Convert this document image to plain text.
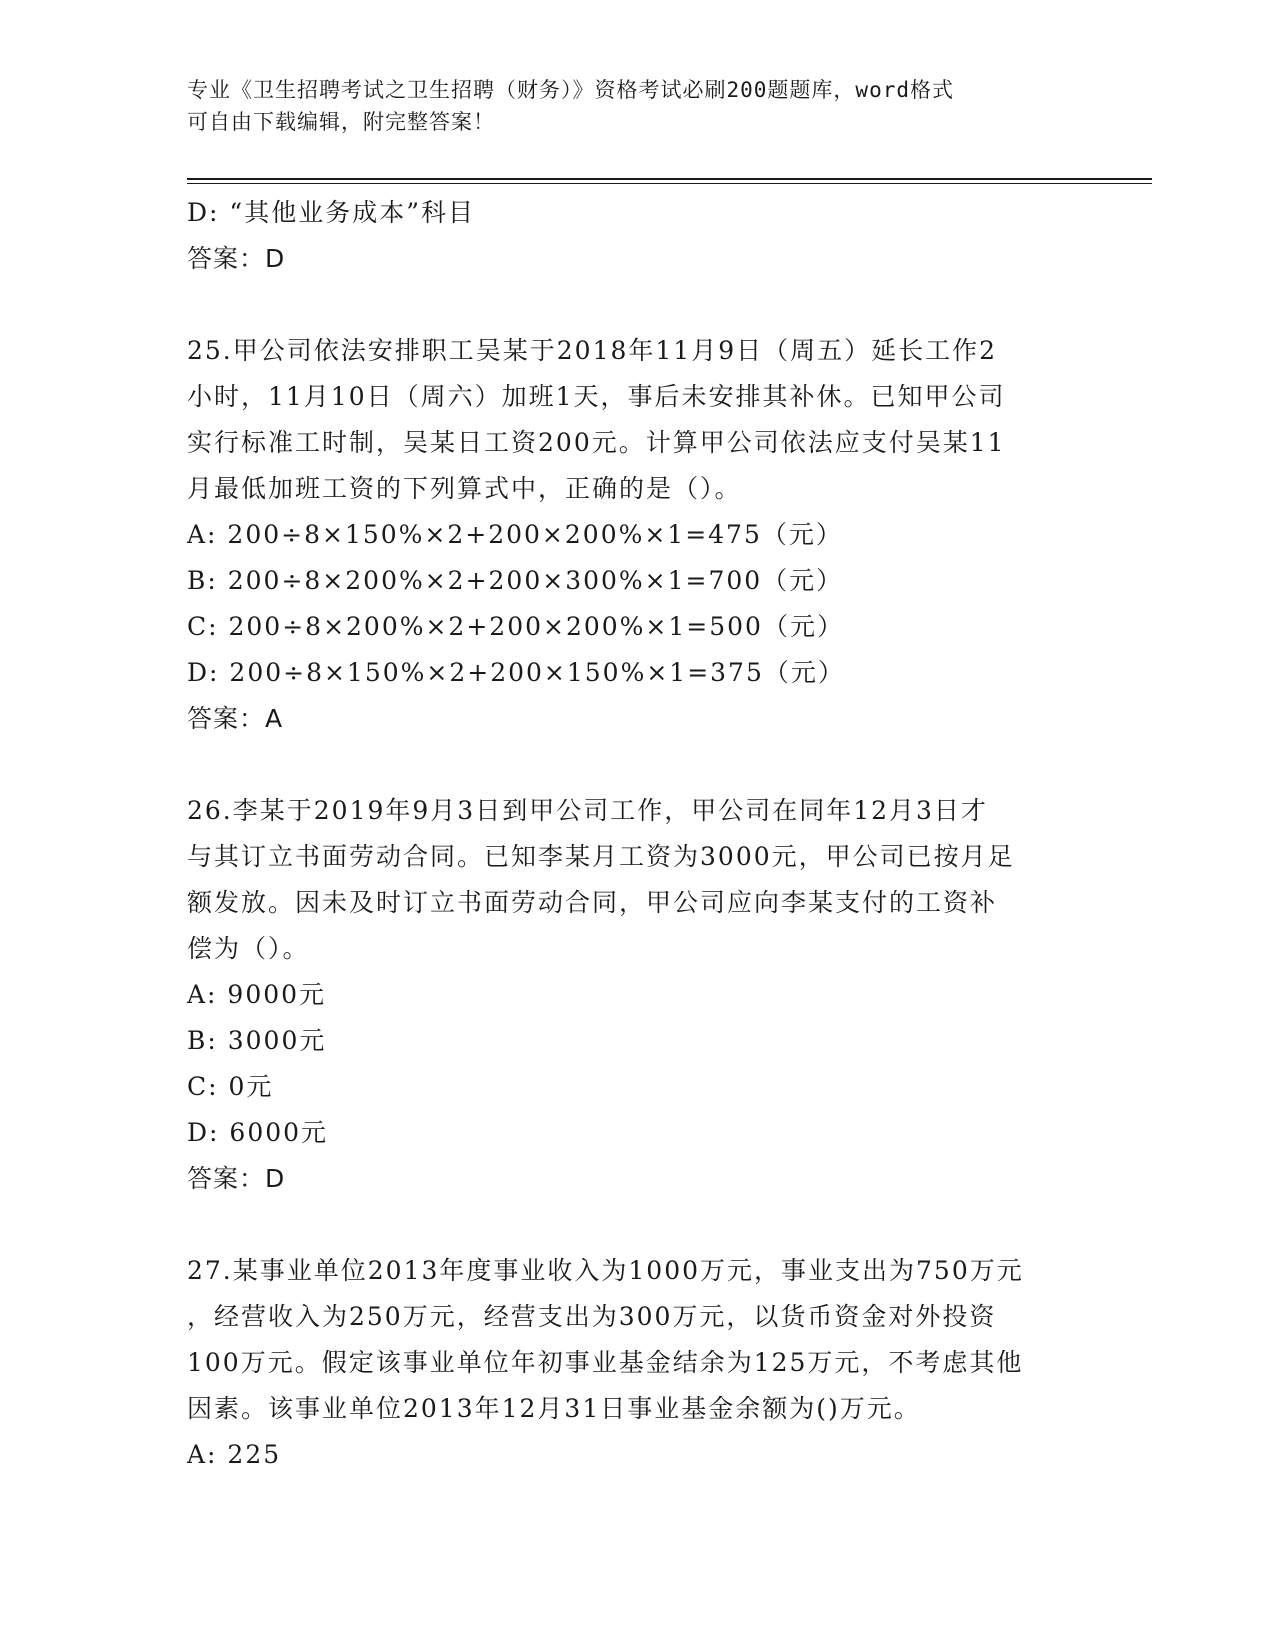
专业《卫生招聘考试之卫生招聘（财务）》资格考试必刷200题题库，word格式
可自由下载编辑，附完整答案！
D: “其他业务成本”科目
答案：D
25.甲公司依法安排职工吴某于2018年11月9日（周五）延长工作2
小时，11月10日（周六）加班1天，事后未安排其补休。已知甲公司
实行标准工时制，吴某日工资200元。计算甲公司依法应支付吴某11
月最低加班工资的下列算式中，正确的是（）。
A: 200÷8×150%×2+200×200%×1=475（元）
B: 200÷8×200%×2+200×300%×1=700（元）
C: 200÷8×200%×2+200×200%×1=500（元）
D: 200÷8×150%×2+200×150%×1=375（元）
答案：A
26.李某于2019年9月3日到甲公司工作，甲公司在同年12月3日才
与其订立书面劳动合同。已知李某月工资为3000元，甲公司已按月足
额发放。因未及时订立书面劳动合同，甲公司应向李某支付的工资补
偿为（）。
A: 9000元
B: 3000元
C: 0元
D: 6000元
答案：D
27.某事业单位2013年度事业收入为1000万元，事业支出为750万元
，经营收入为250万元，经营支出为300万元，以货币资金对外投资
100万元。假定该事业单位年初事业基金结余为125万元，不考虑其他
因素。该事业单位2013年12月31日事业基金余额为()万元。
A: 225
